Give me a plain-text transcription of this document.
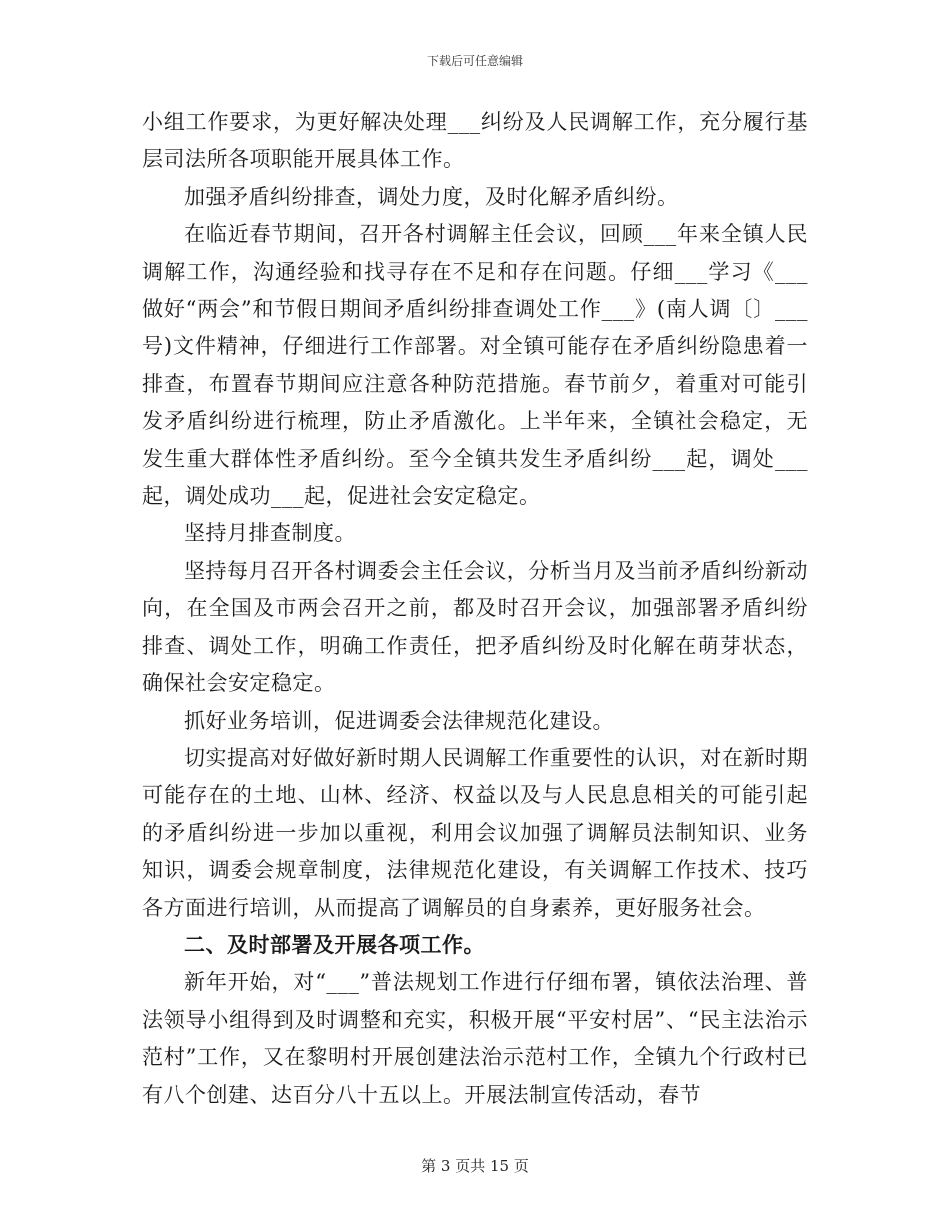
下载后可任意编辑

小组工作要求，为更好解决处理___纠纷及人民调解工作，充分履行基层司法所各项职能开展具体工作。

加强矛盾纠纷排查，调处力度，及时化解矛盾纠纷。

在临近春节期间，召开各村调解主任会议，回顾___年来全镇人民调解工作，沟通经验和找寻存在不足和存在问题。仔细___学习《___做好“两会”和节假日期间矛盾纠纷排查调处工作___》(南人调〔〕___号)文件精神，仔细进行工作部署。对全镇可能存在矛盾纠纷隐患着一排查，布置春节期间应注意各种防范措施。春节前夕，着重对可能引发矛盾纠纷进行梳理，防止矛盾激化。上半年来，全镇社会稳定，无发生重大群体性矛盾纠纷。至今全镇共发生矛盾纠纷___起，调处___起，调处成功___起，促进社会安定稳定。

坚持月排查制度。

坚持每月召开各村调委会主任会议，分析当月及当前矛盾纠纷新动向，在全国及市两会召开之前，都及时召开会议，加强部署矛盾纠纷排查、调处工作，明确工作责任，把矛盾纠纷及时化解在萌芽状态，确保社会安定稳定。

抓好业务培训，促进调委会法律规范化建设。

切实提高对好做好新时期人民调解工作重要性的认识，对在新时期可能存在的土地、山林、经济、权益以及与人民息息相关的可能引起的矛盾纠纷进一步加以重视，利用会议加强了调解员法制知识、业务知识，调委会规章制度，法律规范化建设，有关调解工作技术、技巧各方面进行培训，从而提高了调解员的自身素养，更好服务社会。

二、及时部署及开展各项工作。

新年开始，对“___”普法规划工作进行仔细布署，镇依法治理、普法领导小组得到及时调整和充实，积极开展“平安村居”、“民主法治示范村”工作，又在黎明村开展创建法治示范村工作，全镇九个行政村已有八个创建、达百分八十五以上。开展法制宣传活动，春节

第 3 页共 15 页
